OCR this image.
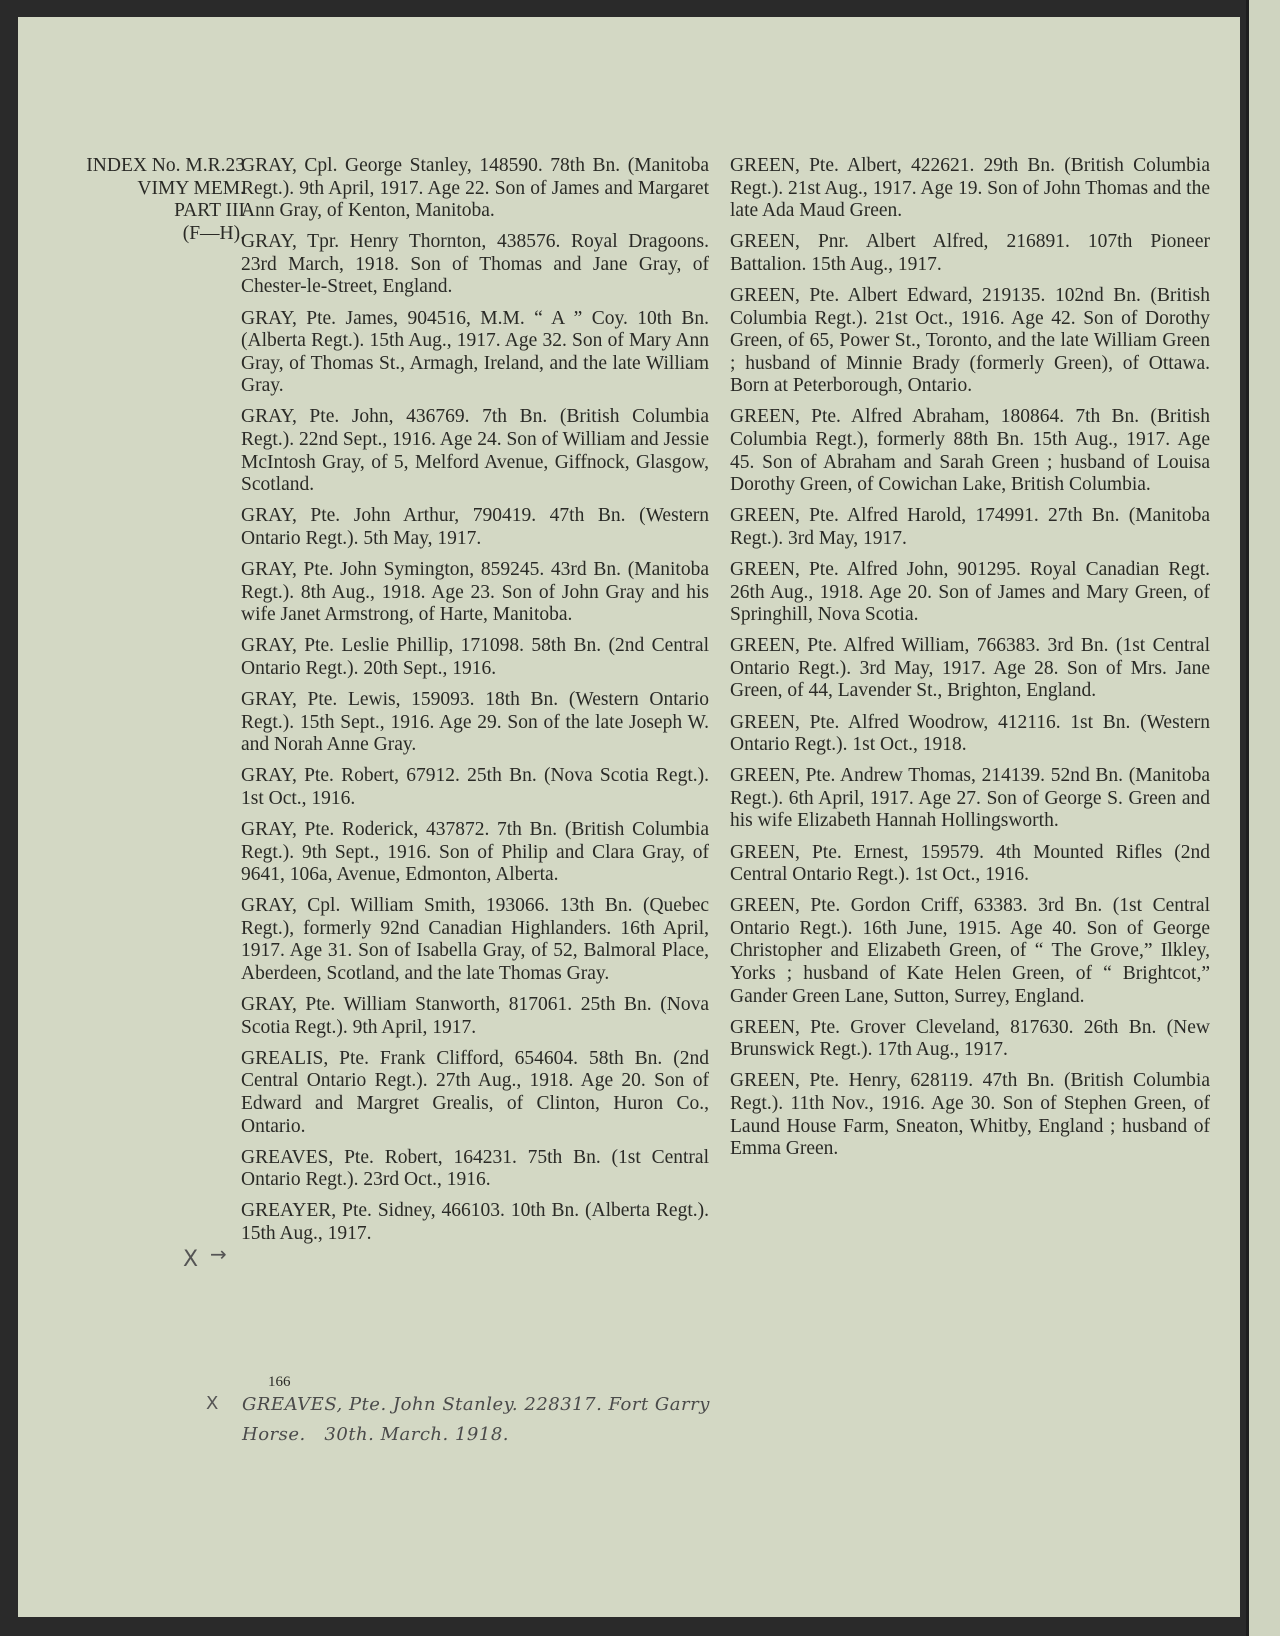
INDEX No. M.R.23
VIMY MEM.
PART III
(F—H).

GRAY, Cpl. George Stanley, 148590. 78th Bn. (Manitoba Regt.). 9th April, 1917. Age 22. Son of James and Margaret Ann Gray, of Kenton, Manitoba.

GRAY, Tpr. Henry Thornton, 438576. Royal Dragoons. 23rd March, 1918. Son of Thomas and Jane Gray, of Chester-le-Street, England.

GRAY, Pte. James, 904516, M.M. “ A ” Coy. 10th Bn. (Alberta Regt.). 15th Aug., 1917. Age 32. Son of Mary Ann Gray, of Thomas St., Armagh, Ireland, and the late William Gray.

GRAY, Pte. John, 436769. 7th Bn. (British Columbia Regt.). 22nd Sept., 1916. Age 24. Son of William and Jessie McIntosh Gray, of 5, Melford Avenue, Giffnock, Glasgow, Scotland.

GRAY, Pte. John Arthur, 790419. 47th Bn. (Western Ontario Regt.). 5th May, 1917.

GRAY, Pte. John Symington, 859245. 43rd Bn. (Manitoba Regt.). 8th Aug., 1918. Age 23. Son of John Gray and his wife Janet Armstrong, of Harte, Manitoba.

GRAY, Pte. Leslie Phillip, 171098. 58th Bn. (2nd Central Ontario Regt.). 20th Sept., 1916.

GRAY, Pte. Lewis, 159093. 18th Bn. (Western Ontario Regt.). 15th Sept., 1916. Age 29. Son of the late Joseph W. and Norah Anne Gray.

GRAY, Pte. Robert, 67912. 25th Bn. (Nova Scotia Regt.). 1st Oct., 1916.

GRAY, Pte. Roderick, 437872. 7th Bn. (British Columbia Regt.). 9th Sept., 1916. Son of Philip and Clara Gray, of 9641, 106a, Avenue, Edmonton, Alberta.

GRAY, Cpl. William Smith, 193066. 13th Bn. (Quebec Regt.), formerly 92nd Canadian Highlanders. 16th April, 1917. Age 31. Son of Isabella Gray, of 52, Balmoral Place, Aberdeen, Scotland, and the late Thomas Gray.

GRAY, Pte. William Stanworth, 817061. 25th Bn. (Nova Scotia Regt.). 9th April, 1917.

GREALIS, Pte. Frank Clifford, 654604. 58th Bn. (2nd Central Ontario Regt.). 27th Aug., 1918. Age 20. Son of Edward and Margret Grealis, of Clinton, Huron Co., Ontario.

GREAVES, Pte. Robert, 164231. 75th Bn. (1st Central Ontario Regt.). 23rd Oct., 1916.

GREAYER, Pte. Sidney, 466103. 10th Bn. (Alberta Regt.). 15th Aug., 1917.

GREEN, Pte. Albert, 422621. 29th Bn. (British Columbia Regt.). 21st Aug., 1917. Age 19. Son of John Thomas and the late Ada Maud Green.

GREEN, Pnr. Albert Alfred, 216891. 107th Pioneer Battalion. 15th Aug., 1917.

GREEN, Pte. Albert Edward, 219135. 102nd Bn. (British Columbia Regt.). 21st Oct., 1916. Age 42. Son of Dorothy Green, of 65, Power St., Toronto, and the late William Green ; husband of Minnie Brady (formerly Green), of Ottawa. Born at Peterborough, Ontario.

GREEN, Pte. Alfred Abraham, 180864. 7th Bn. (British Columbia Regt.), formerly 88th Bn. 15th Aug., 1917. Age 45. Son of Abraham and Sarah Green ; husband of Louisa Dorothy Green, of Cowichan Lake, British Columbia.

GREEN, Pte. Alfred Harold, 174991. 27th Bn. (Manitoba Regt.). 3rd May, 1917.

GREEN, Pte. Alfred John, 901295. Royal Canadian Regt. 26th Aug., 1918. Age 20. Son of James and Mary Green, of Springhill, Nova Scotia.

GREEN, Pte. Alfred William, 766383. 3rd Bn. (1st Central Ontario Regt.). 3rd May, 1917. Age 28. Son of Mrs. Jane Green, of 44, Lavender St., Brighton, England.

GREEN, Pte. Alfred Woodrow, 412116. 1st Bn. (Western Ontario Regt.). 1st Oct., 1918.

GREEN, Pte. Andrew Thomas, 214139. 52nd Bn. (Manitoba Regt.). 6th April, 1917. Age 27. Son of George S. Green and his wife Elizabeth Hannah Hollingsworth.

GREEN, Pte. Ernest, 159579. 4th Mounted Rifles (2nd Central Ontario Regt.). 1st Oct., 1916.

GREEN, Pte. Gordon Criff, 63383. 3rd Bn. (1st Central Ontario Regt.). 16th June, 1915. Age 40. Son of George Christopher and Elizabeth Green, of “ The Grove,” Ilkley, Yorks ; husband of Kate Helen Green, of “ Brightcot,” Gander Green Lane, Sutton, Surrey, England.

GREEN, Pte. Grover Cleveland, 817630. 26th Bn. (New Brunswick Regt.). 17th Aug., 1917.

GREEN, Pte. Henry, 628119. 47th Bn. (British Columbia Regt.). 11th Nov., 1916. Age 30. Son of Stephen Green, of Laund House Farm, Sneaton, Whitby, England ; husband of Emma Green.

X →
166
X GREAVES, Pte. John Stanley. 228317. Fort Garry
Horse.   30th. March. 1918.
